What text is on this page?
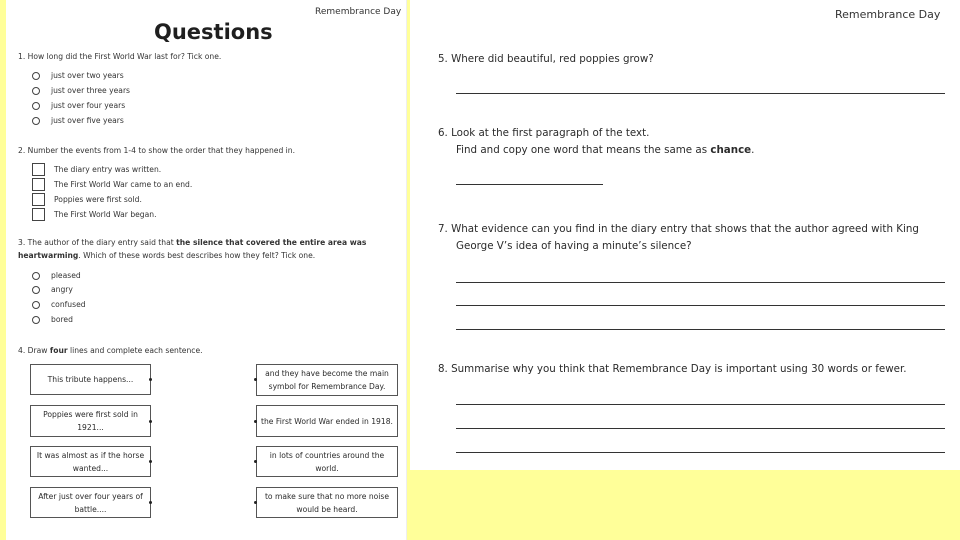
Remembrance Day
Questions
1. How long did the First World War last for? Tick one.
just over two years
just over three years
just over four years
just over five years
2. Number the events from 1-4 to show the order that they happened in.
The diary entry was written.
The First World War came to an end.
Poppies were first sold.
The First World War began.
3. The author of the diary entry said that the silence that covered the entire area was heartwarming. Which of these words best describes how they felt? Tick one.
pleased
angry
confused
bored
4. Draw four lines and complete each sentence.
This tribute happens...
Poppies were first sold in 1921...
It was almost as if the horse wanted...
After just over four years of battle....
and they have become the main symbol for Remembrance Day.
the First World War ended in 1918.
in lots of countries around the world.
to make sure that no more noise would be heard.
Remembrance Day
5. Where did beautiful, red poppies grow?
6. Look at the first paragraph of the text.
Find and copy one word that means the same as chance.
7. What evidence can you find in the diary entry that shows that the author agreed with King
George V’s idea of having a minute’s silence?
8. Summarise why you think that Remembrance Day is important using 30 words or fewer.
